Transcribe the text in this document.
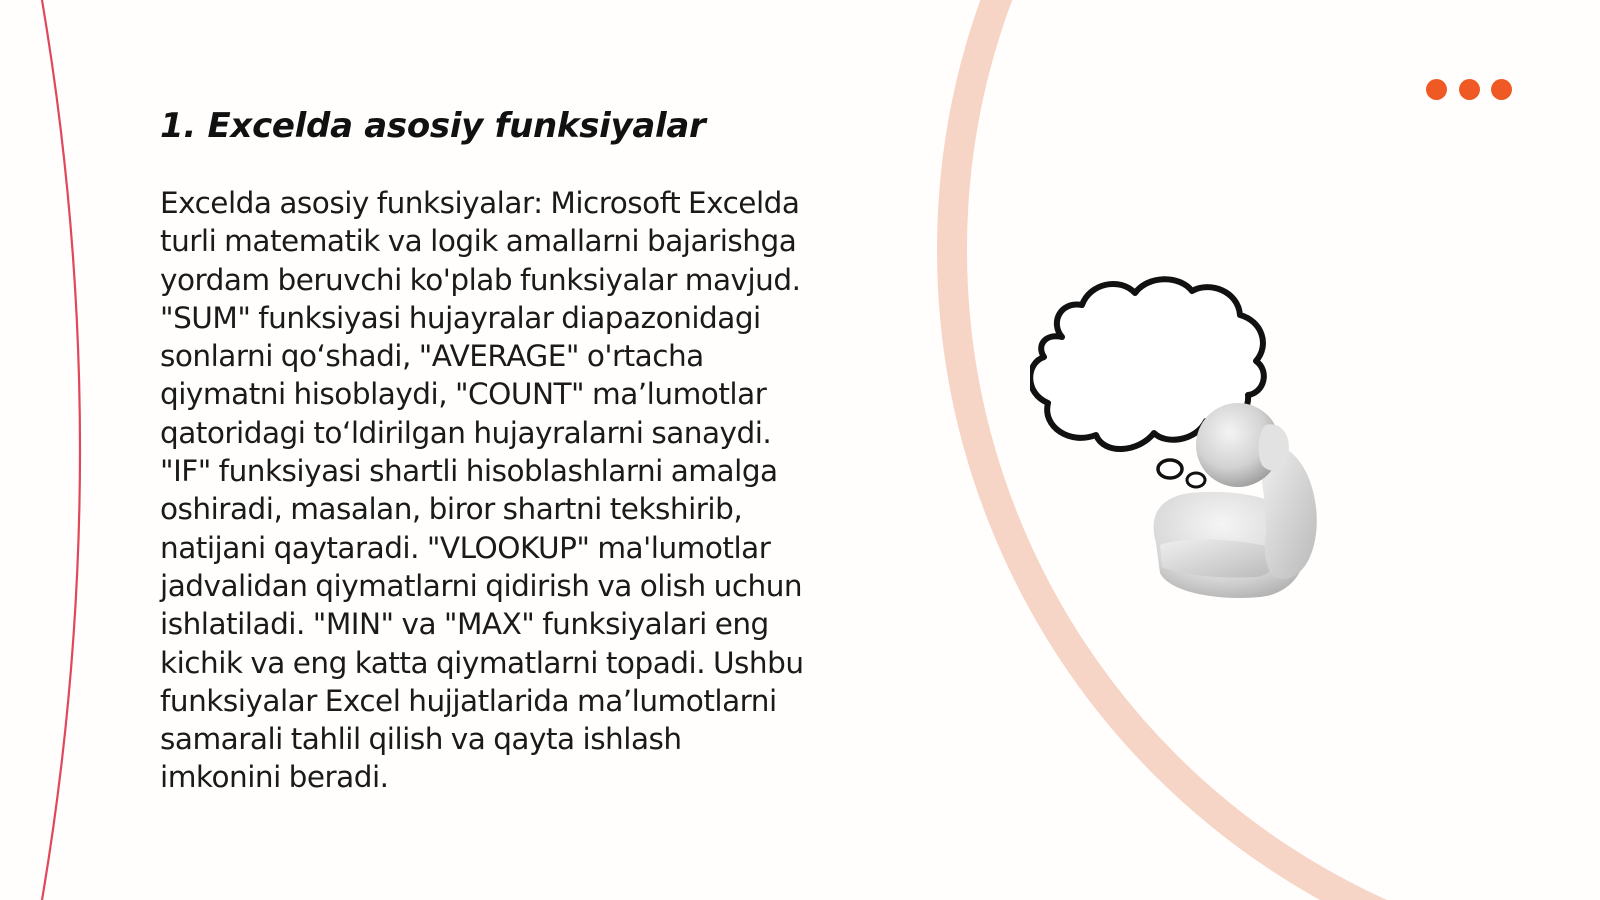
1. Excelda asosiy funksiyalar

Excelda asosiy funksiyalar: Microsoft Excelda
turli matematik va logik amallarni bajarishga
yordam beruvchi ko'plab funksiyalar mavjud.
"SUM" funksiyasi hujayralar diapazonidagi
sonlarni qoʻshadi, "AVERAGE" o'rtacha
qiymatni hisoblaydi, "COUNT" maʼlumotlar
qatoridagi toʻldirilgan hujayralarni sanaydi.
"IF" funksiyasi shartli hisoblashlarni amalga
oshiradi, masalan, biror shartni tekshirib,
natijani qaytaradi. "VLOOKUP" ma'lumotlar
jadvalidan qiymatlarni qidirish va olish uchun
ishlatiladi. "MIN" va "MAX" funksiyalari eng
kichik va eng katta qiymatlarni topadi. Ushbu
funksiyalar Excel hujjatlarida maʼlumotlarni
samarali tahlil qilish va qayta ishlash
imkonini beradi.
